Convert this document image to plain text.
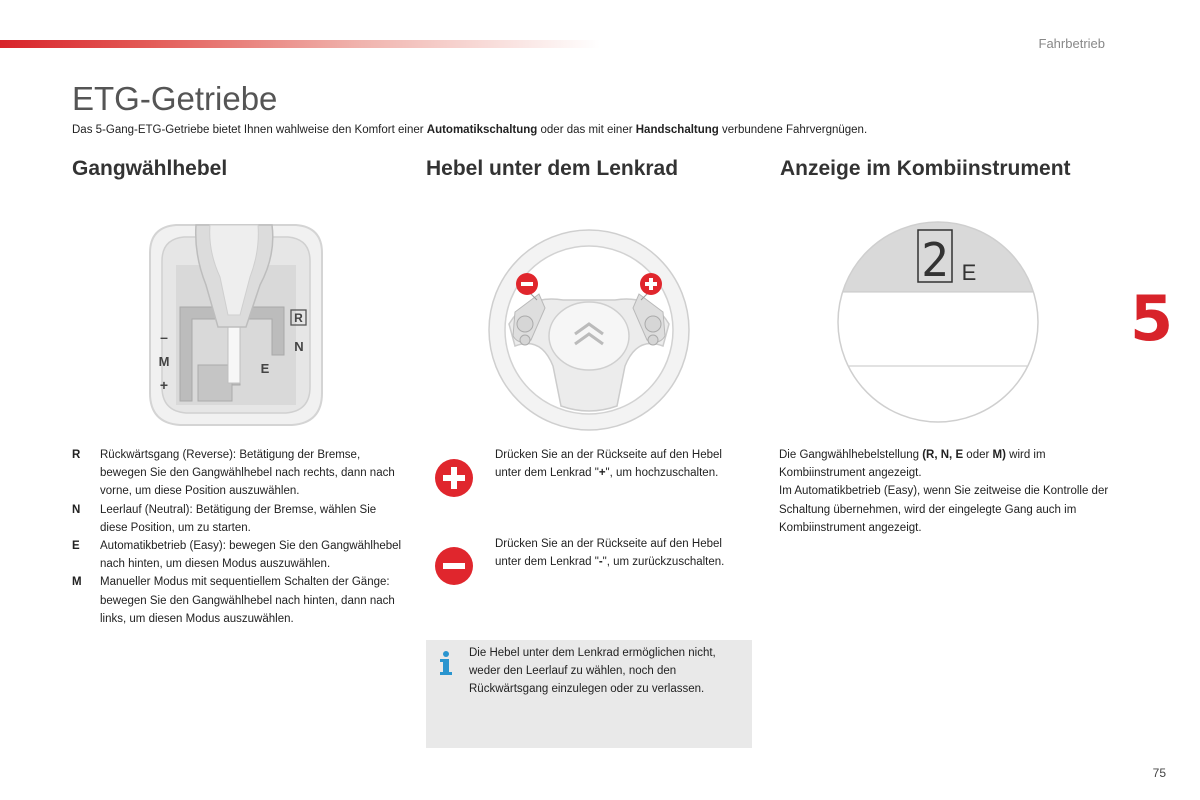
Fahrbetrieb
5
ETG-Getriebe
Das 5-Gang-ETG-Getriebe bietet Ihnen wahlweise den Komfort einer Automatikschaltung oder das mit einer Handschaltung verbundene Fahrvergnügen.
Gangwählhebel	Hebel unter dem Lenkrad	Anzeige im Kombiinstrument
R
N
E
M
–
+
2 E
R	Rückwärtsgang (Reverse): Betätigung der Bremse, bewegen Sie den Gangwählhebel nach rechts, dann nach vorne, um diese Position auszuwählen.
N	Leerlauf (Neutral): Betätigung der Bremse, wählen Sie diese Position, um zu starten.
E	Automatikbetrieb (Easy): bewegen Sie den Gangwählhebel nach hinten, um diesen Modus auszuwählen.
M	Manueller Modus mit sequentiellem Schalten der Gänge: bewegen Sie den Gangwählhebel nach hinten, dann nach links, um diesen Modus auszuwählen.
Drücken Sie an der Rückseite auf den Hebel unter dem Lenkrad "+", um hochzuschalten.
Drücken Sie an der Rückseite auf den Hebel unter dem Lenkrad "-", um zurückzuschalten.
Die Hebel unter dem Lenkrad ermöglichen nicht, weder den Leerlauf zu wählen, noch den Rückwärtsgang einzulegen oder zu verlassen.
Die Gangwählhebelstellung (R, N, E oder M) wird im Kombiinstrument angezeigt.
Im Automatikbetrieb (Easy), wenn Sie zeitweise die Kontrolle der Schaltung übernehmen, wird der eingelegte Gang auch im Kombiinstrument angezeigt.
75
